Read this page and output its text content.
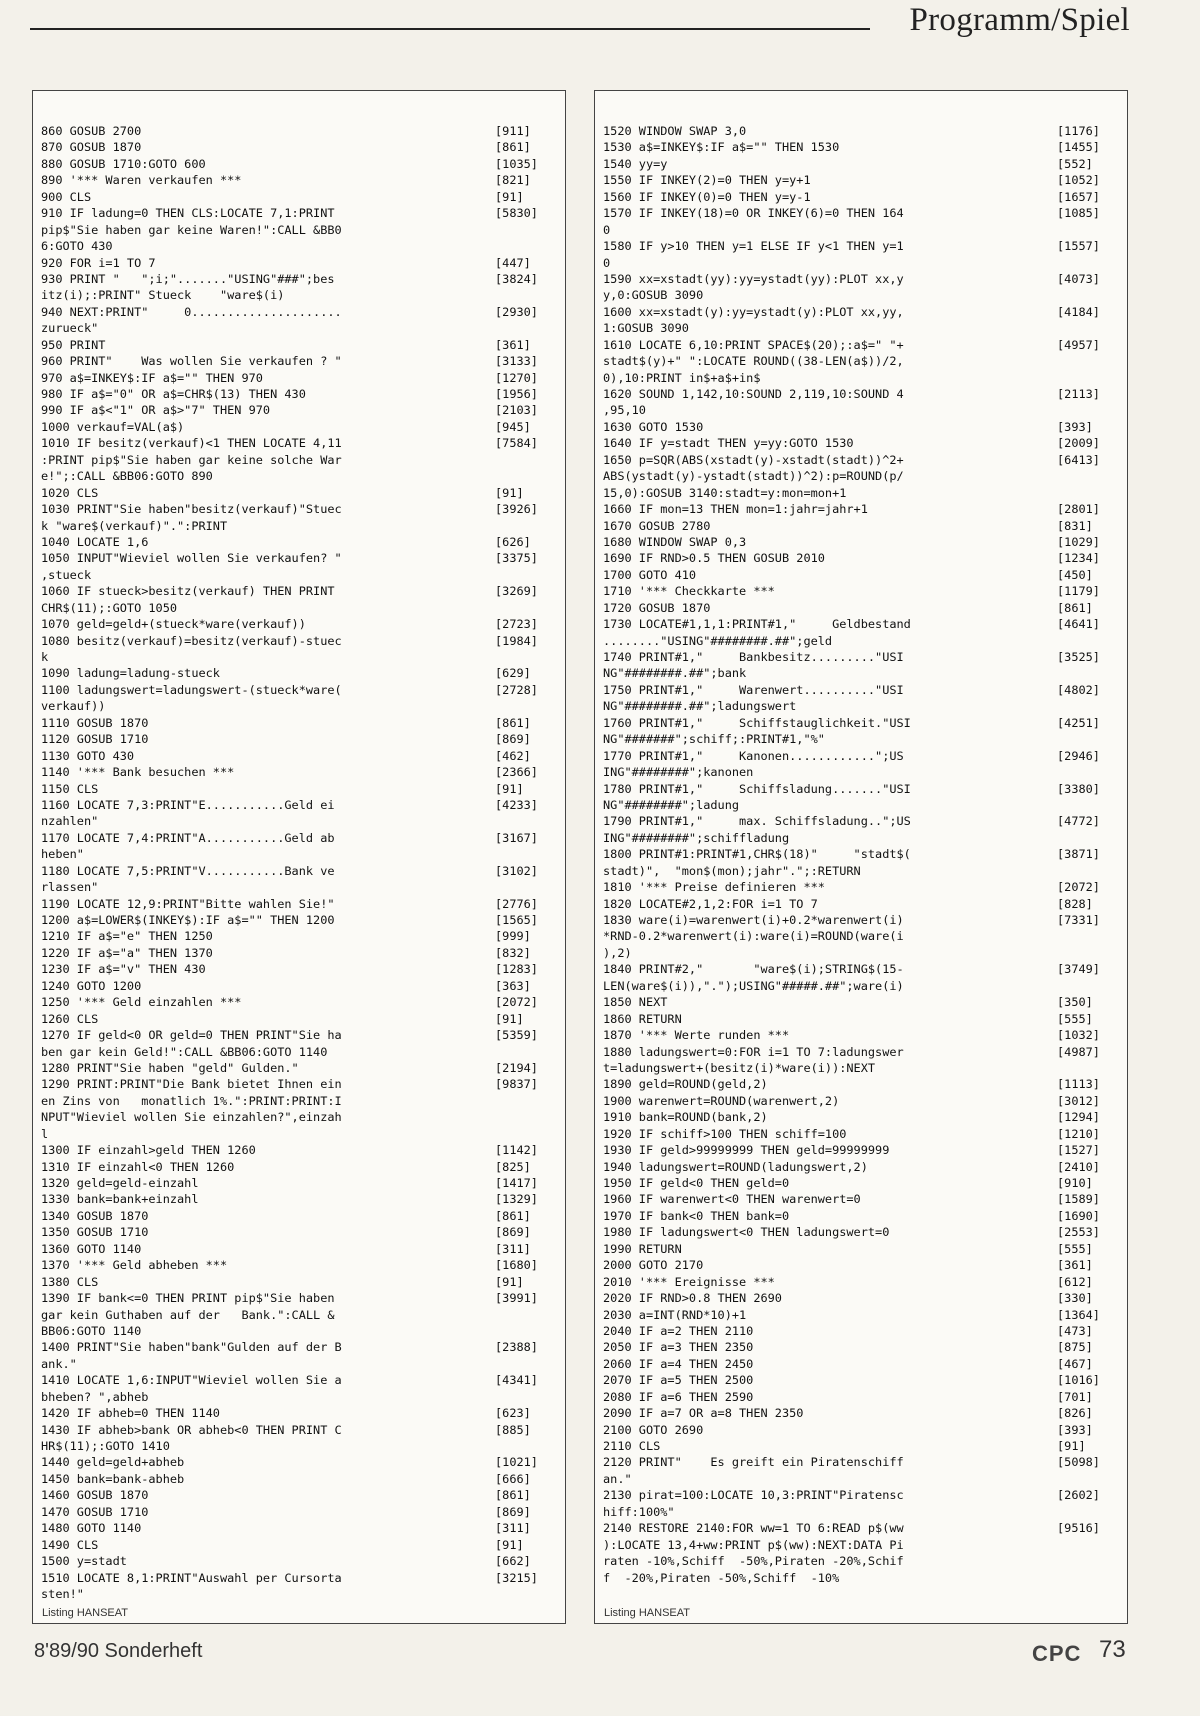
Programm/Spiel
860 GOSUB 2700	[911]
870 GOSUB 1870	[861]
880 GOSUB 1710:GOTO 600	[1035]
890 '*** Waren verkaufen ***	[821]
900 CLS	[91]
910 IF ladung=0 THEN CLS:LOCATE 7,1:PRINT	[5830]
pip$"Sie haben gar keine Waren!":CALL &BB0
6:GOTO 430
920 FOR i=1 TO 7	[447]
930 PRINT "   ";i;"......."USING"###";bes	[3824]
itz(i);:PRINT" Stueck    "ware$(i)
940 NEXT:PRINT"     0.....................	[2930]
zurueck"
950 PRINT	[361]
960 PRINT"    Was wollen Sie verkaufen ? "	[3133]
970 a$=INKEY$:IF a$="" THEN 970	[1270]
980 IF a$="0" OR a$=CHR$(13) THEN 430	[1956]
990 IF a$<"1" OR a$>"7" THEN 970	[2103]
1000 verkauf=VAL(a$)	[945]
1010 IF besitz(verkauf)<1 THEN LOCATE 4,11	[7584]
:PRINT pip$"Sie haben gar keine solche War
e!";:CALL &BB06:GOTO 890
1020 CLS	[91]
1030 PRINT"Sie haben"besitz(verkauf)"Stuec	[3926]
k "ware$(verkauf)".":PRINT
1040 LOCATE 1,6	[626]
1050 INPUT"Wieviel wollen Sie verkaufen? "	[3375]
,stueck
1060 IF stueck>besitz(verkauf) THEN PRINT	[3269]
CHR$(11);:GOTO 1050
1070 geld=geld+(stueck*ware(verkauf))	[2723]
1080 besitz(verkauf)=besitz(verkauf)-stuec	[1984]
k
1090 ladung=ladung-stueck	[629]
1100 ladungswert=ladungswert-(stueck*ware(	[2728]
verkauf))
1110 GOSUB 1870	[861]
1120 GOSUB 1710	[869]
1130 GOTO 430	[462]
1140 '*** Bank besuchen ***	[2366]
1150 CLS	[91]
1160 LOCATE 7,3:PRINT"E...........Geld ei	[4233]
nzahlen"
1170 LOCATE 7,4:PRINT"A...........Geld ab	[3167]
heben"
1180 LOCATE 7,5:PRINT"V...........Bank ve	[3102]
rlassen"
1190 LOCATE 12,9:PRINT"Bitte wahlen Sie!"	[2776]
1200 a$=LOWER$(INKEY$):IF a$="" THEN 1200	[1565]
1210 IF a$="e" THEN 1250	[999]
1220 IF a$="a" THEN 1370	[832]
1230 IF a$="v" THEN 430	[1283]
1240 GOTO 1200	[363]
1250 '*** Geld einzahlen ***	[2072]
1260 CLS	[91]
1270 IF geld<0 OR geld=0 THEN PRINT"Sie ha	[5359]
ben gar kein Geld!":CALL &BB06:GOTO 1140
1280 PRINT"Sie haben "geld" Gulden."	[2194]
1290 PRINT:PRINT"Die Bank bietet Ihnen ein	[9837]
en Zins von   monatlich 1%.":PRINT:PRINT:I
NPUT"Wieviel wollen Sie einzahlen?",einzah
l
1300 IF einzahl>geld THEN 1260	[1142]
1310 IF einzahl<0 THEN 1260	[825]
1320 geld=geld-einzahl	[1417]
1330 bank=bank+einzahl	[1329]
1340 GOSUB 1870	[861]
1350 GOSUB 1710	[869]
1360 GOTO 1140	[311]
1370 '*** Geld abheben ***	[1680]
1380 CLS	[91]
1390 IF bank<=0 THEN PRINT pip$"Sie haben	[3991]
gar kein Guthaben auf der   Bank.":CALL &
BB06:GOTO 1140
1400 PRINT"Sie haben"bank"Gulden auf der B	[2388]
ank."
1410 LOCATE 1,6:INPUT"Wieviel wollen Sie a	[4341]
bheben? ",abheb
1420 IF abheb=0 THEN 1140	[623]
1430 IF abheb>bank OR abheb<0 THEN PRINT C	[885]
HR$(11);:GOTO 1410
1440 geld=geld+abheb	[1021]
1450 bank=bank-abheb	[666]
1460 GOSUB 1870	[861]
1470 GOSUB 1710	[869]
1480 GOTO 1140	[311]
1490 CLS	[91]
1500 y=stadt	[662]
1510 LOCATE 8,1:PRINT"Auswahl per Cursorta	[3215]
sten!"
Listing HANSEAT
1520 WINDOW SWAP 3,0	[1176]
1530 a$=INKEY$:IF a$="" THEN 1530	[1455]
1540 yy=y	[552]
1550 IF INKEY(2)=0 THEN y=y+1	[1052]
1560 IF INKEY(0)=0 THEN y=y-1	[1657]
1570 IF INKEY(18)=0 OR INKEY(6)=0 THEN 164	[1085]
0
1580 IF y>10 THEN y=1 ELSE IF y<1 THEN y=1	[1557]
0
1590 xx=xstadt(yy):yy=ystadt(yy):PLOT xx,y	[4073]
y,0:GOSUB 3090
1600 xx=xstadt(y):yy=ystadt(y):PLOT xx,yy,	[4184]
1:GOSUB 3090
1610 LOCATE 6,10:PRINT SPACE$(20);:a$=" "+	[4957]
stadt$(y)+" ":LOCATE ROUND((38-LEN(a$))/2,
0),10:PRINT in$+a$+in$
1620 SOUND 1,142,10:SOUND 2,119,10:SOUND 4	[2113]
,95,10
1630 GOTO 1530	[393]
1640 IF y=stadt THEN y=yy:GOTO 1530	[2009]
1650 p=SQR(ABS(xstadt(y)-xstadt(stadt))^2+	[6413]
ABS(ystadt(y)-ystadt(stadt))^2):p=ROUND(p/
15,0):GOSUB 3140:stadt=y:mon=mon+1
1660 IF mon=13 THEN mon=1:jahr=jahr+1	[2801]
1670 GOSUB 2780	[831]
1680 WINDOW SWAP 0,3	[1029]
1690 IF RND>0.5 THEN GOSUB 2010	[1234]
1700 GOTO 410	[450]
1710 '*** Checkkarte ***	[1179]
1720 GOSUB 1870	[861]
1730 LOCATE#1,1,1:PRINT#1,"     Geldbestand	[4641]
........"USING"########.##";geld
1740 PRINT#1,"     Bankbesitz........."USI	[3525]
NG"########.##";bank
1750 PRINT#1,"     Warenwert.........."USI	[4802]
NG"########.##";ladungswert
1760 PRINT#1,"     Schiffstauglichkeit."USI	[4251]
NG"#######";schiff;:PRINT#1,"%"
1770 PRINT#1,"     Kanonen............";US	[2946]
ING"########";kanonen
1780 PRINT#1,"     Schiffsladung......."USI	[3380]
NG"########";ladung
1790 PRINT#1,"     max. Schiffsladung..";US	[4772]
ING"########";schiffladung
1800 PRINT#1:PRINT#1,CHR$(18)"     "stadt$(	[3871]
stadt)",  "mon$(mon);jahr".";:RETURN
1810 '*** Preise definieren ***	[2072]
1820 LOCATE#2,1,2:FOR i=1 TO 7	[828]
1830 ware(i)=warenwert(i)+0.2*warenwert(i)	[7331]
*RND-0.2*warenwert(i):ware(i)=ROUND(ware(i
),2)
1840 PRINT#2,"       "ware$(i);STRING$(15-	[3749]
LEN(ware$(i)),".");USING"#####.##";ware(i)
1850 NEXT	[350]
1860 RETURN	[555]
1870 '*** Werte runden ***	[1032]
1880 ladungswert=0:FOR i=1 TO 7:ladungswer	[4987]
t=ladungswert+(besitz(i)*ware(i)):NEXT
1890 geld=ROUND(geld,2)	[1113]
1900 warenwert=ROUND(warenwert,2)	[3012]
1910 bank=ROUND(bank,2)	[1294]
1920 IF schiff>100 THEN schiff=100	[1210]
1930 IF geld>99999999 THEN geld=99999999	[1527]
1940 ladungswert=ROUND(ladungswert,2)	[2410]
1950 IF geld<0 THEN geld=0	[910]
1960 IF warenwert<0 THEN warenwert=0	[1589]
1970 IF bank<0 THEN bank=0	[1690]
1980 IF ladungswert<0 THEN ladungswert=0	[2553]
1990 RETURN	[555]
2000 GOTO 2170	[361]
2010 '*** Ereignisse ***	[612]
2020 IF RND>0.8 THEN 2690	[330]
2030 a=INT(RND*10)+1	[1364]
2040 IF a=2 THEN 2110	[473]
2050 IF a=3 THEN 2350	[875]
2060 IF a=4 THEN 2450	[467]
2070 IF a=5 THEN 2500	[1016]
2080 IF a=6 THEN 2590	[701]
2090 IF a=7 OR a=8 THEN 2350	[826]
2100 GOTO 2690	[393]
2110 CLS	[91]
2120 PRINT"    Es greift ein Piratenschiff	[5098]
an."
2130 pirat=100:LOCATE 10,3:PRINT"Piratensc	[2602]
hiff:100%"
2140 RESTORE 2140:FOR ww=1 TO 6:READ p$(ww	[9516]
):LOCATE 13,4+ww:PRINT p$(ww):NEXT:DATA Pi
raten -10%,Schiff  -50%,Piraten -20%,Schif
f  -20%,Piraten -50%,Schiff  -10%
Listing HANSEAT
8'89/90 Sonderheft	CPC 73
